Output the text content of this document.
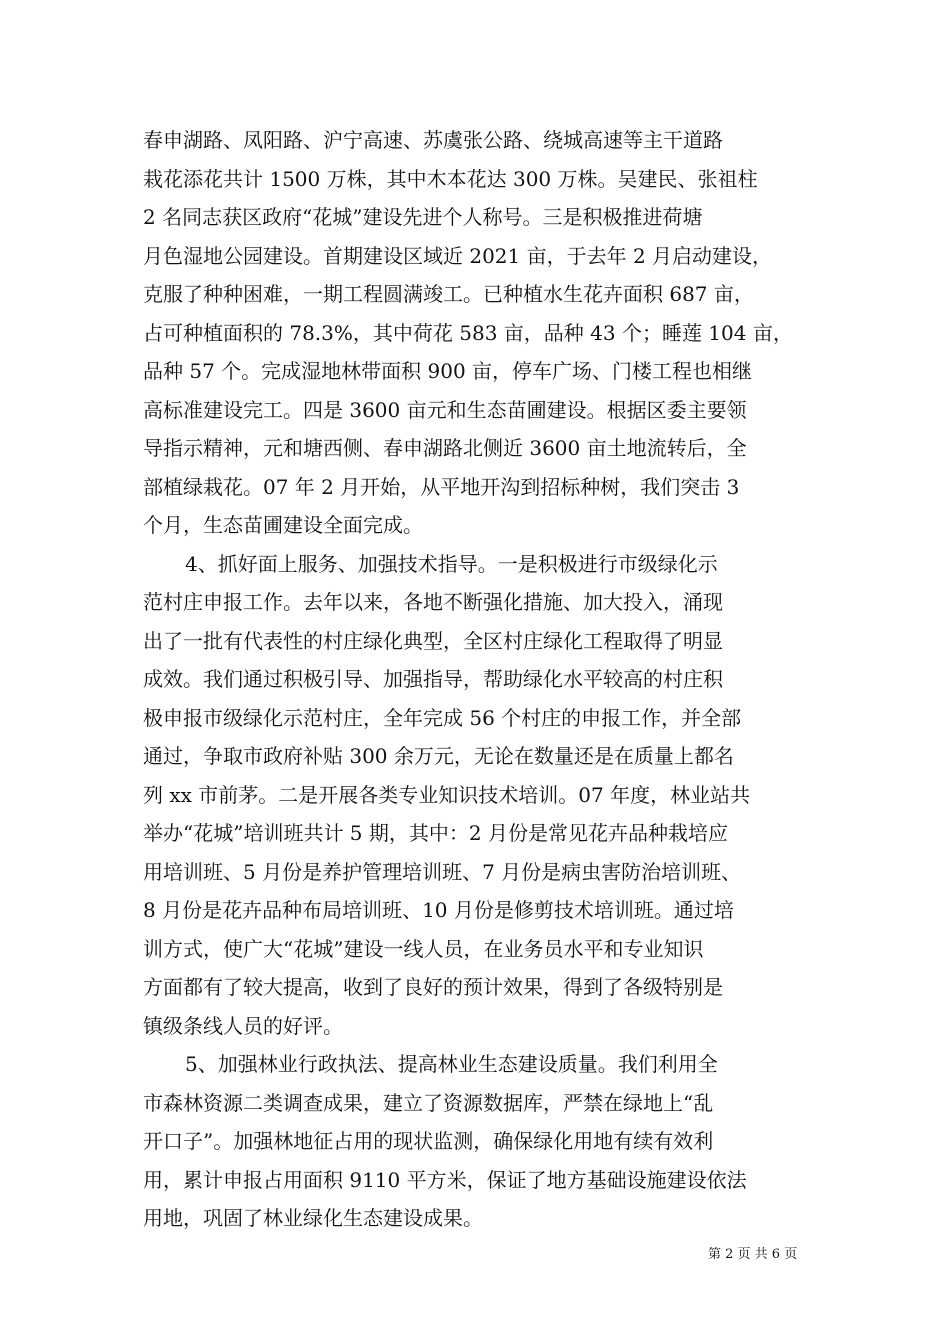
春申湖路、凤阳路、沪宁高速、苏虞张公路、绕城高速等主干道路
栽花添花共计 1500 万株，其中木本花达 300 万株。吴建民、张祖柱
2 名同志获区政府“花城”建设先进个人称号。三是积极推进荷塘
月色湿地公园建设。首期建设区域近 2021 亩，于去年 2 月启动建设，
克服了种种困难，一期工程圆满竣工。已种植水生花卉面积 687 亩，
占可种植面积的 78.3%，其中荷花 583 亩，品种 43 个；睡莲 104 亩，
品种 57 个。完成湿地林带面积 900 亩，停车广场、门楼工程也相继
高标准建设完工。四是 3600 亩元和生态苗圃建设。根据区委主要领
导指示精神，元和塘西侧、春申湖路北侧近 3600 亩土地流转后，全
部植绿栽花。07 年 2 月开始，从平地开沟到招标种树，我们突击 3
个月，生态苗圃建设全面完成。
4、抓好面上服务、加强技术指导。一是积极进行市级绿化示
范村庄申报工作。去年以来，各地不断强化措施、加大投入，涌现
出了一批有代表性的村庄绿化典型，全区村庄绿化工程取得了明显
成效。我们通过积极引导、加强指导，帮助绿化水平较高的村庄积
极申报市级绿化示范村庄，全年完成 56 个村庄的申报工作，并全部
通过，争取市政府补贴 300 余万元，无论在数量还是在质量上都名
列 xx 市前茅。二是开展各类专业知识技术培训。07 年度，林业站共
举办“花城”培训班共计 5 期，其中：2 月份是常见花卉品种栽培应
用培训班、5 月份是养护管理培训班、7 月份是病虫害防治培训班、
8 月份是花卉品种布局培训班、10 月份是修剪技术培训班。通过培
训方式，使广大“花城”建设一线人员，在业务员水平和专业知识
方面都有了较大提高，收到了良好的预计效果，得到了各级特别是
镇级条线人员的好评。
5、加强林业行政执法、提高林业生态建设质量。我们利用全
市森林资源二类调查成果，建立了资源数据库，严禁在绿地上“乱
开口子”。加强林地征占用的现状监测，确保绿化用地有续有效利
用，累计申报占用面积 9110 平方米，保证了地方基础设施建设依法
用地，巩固了林业绿化生态建设成果。
第 2 页 共 6 页
